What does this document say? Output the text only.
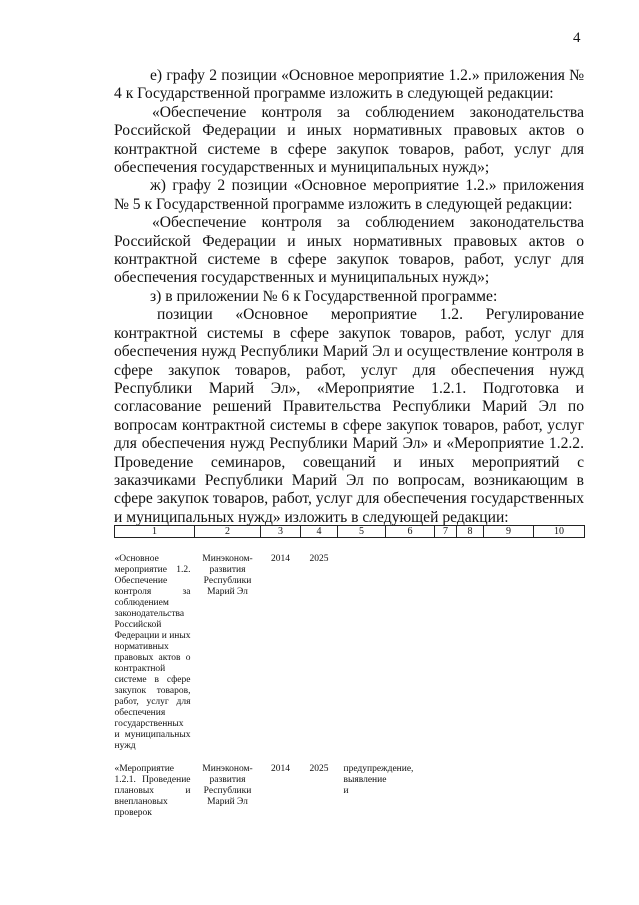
4

е) графу 2 позиции «Основное мероприятие 1.2.» приложения № 4 к Государственной программе изложить в следующей редакции:

«Обеспечение контроля за соблюдением законодательства Российской Федерации и иных нормативных правовых актов о контрактной системе в сфере закупок товаров, работ, услуг для обеспечения государственных и муниципальных нужд»;

ж) графу 2 позиции «Основное мероприятие 1.2.» приложения № 5 к Государственной программе изложить в следующей редакции:

«Обеспечение контроля за соблюдением законодательства Российской Федерации и иных нормативных правовых актов о контрактной системе в сфере закупок товаров, работ, услуг для обеспечения государственных и муниципальных нужд»;

з) в приложении № 6 к Государственной программе:

позиции «Основное мероприятие 1.2. Регулирование контрактной системы в сфере закупок товаров, работ, услуг для обеспечения нужд Республики Марий Эл и осуществление контроля в сфере закупок товаров, работ, услуг для обеспечения нужд Республики Марий Эл», «Мероприятие 1.2.1. Подготовка и согласование решений Правительства Республики Марий Эл по вопросам контрактной системы в сфере закупок товаров, работ, услуг для обеспечения нужд Республики Марий Эл» и «Мероприятие 1.2.2. Проведение семинаров, совещаний и иных мероприятий с заказчиками Республики Марий Эл по вопросам, возникающим в сфере закупок товаров, работ, услуг для обеспечения государственных и муниципальных нужд» изложить в следующей редакции:

1	2	3	4	5	6	7	8	9	10
«Основное мероприятие 1.2. Обеспечение контроля за соблюдением законодательства Российской Федерации и иных нормативных правовых актов о контрактной системе в сфере закупок товаров, работ, услуг для обеспечения государственных и муниципальных нужд	Минэконом-развития Республики Марий Эл	2014	2025						
«Мероприятие 1.2.1. Проведение плановых и внеплановых проверок	Минэконом-развития Республики Марий Эл	2014	2025	предупреждение, выявление и					
